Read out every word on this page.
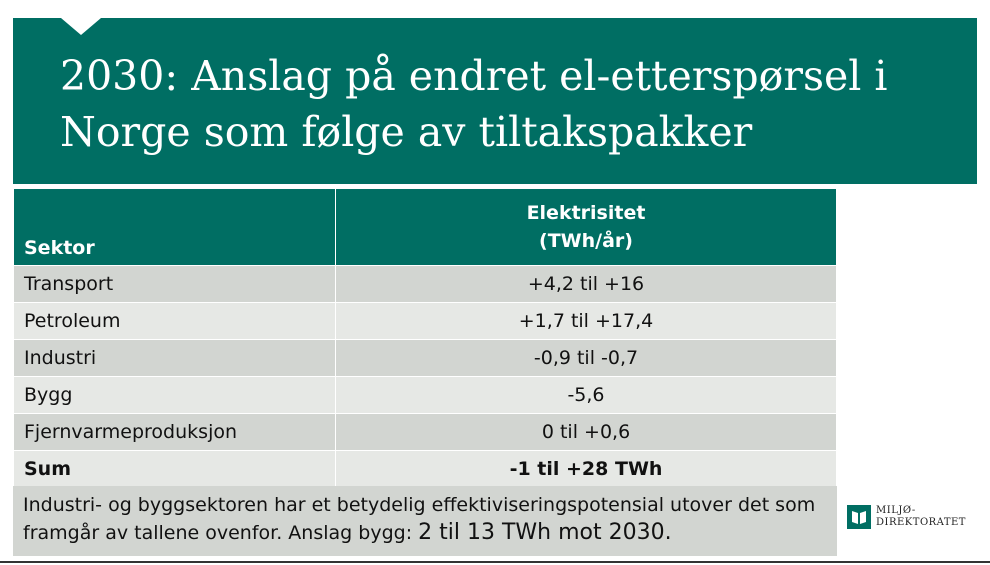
2030: Anslag på endret el-etterspørsel i Norge som følge av tiltakspakker
Sektor	Elektrisitet
(TWh/år)
Transport	+4,2 til +16
Petroleum	+1,7 til +17,4
Industri	-0,9 til -0,7
Bygg	-5,6
Fjernvarmeproduksjon	0 til +0,6
Sum	-1 til +28 TWh
Industri- og byggsektoren har et betydelig effektiviseringspotensial utover det som framgår av tallene ovenfor. Anslag bygg: 2 til 13 TWh mot 2030.
MILJØ-
DIREKTORATET
